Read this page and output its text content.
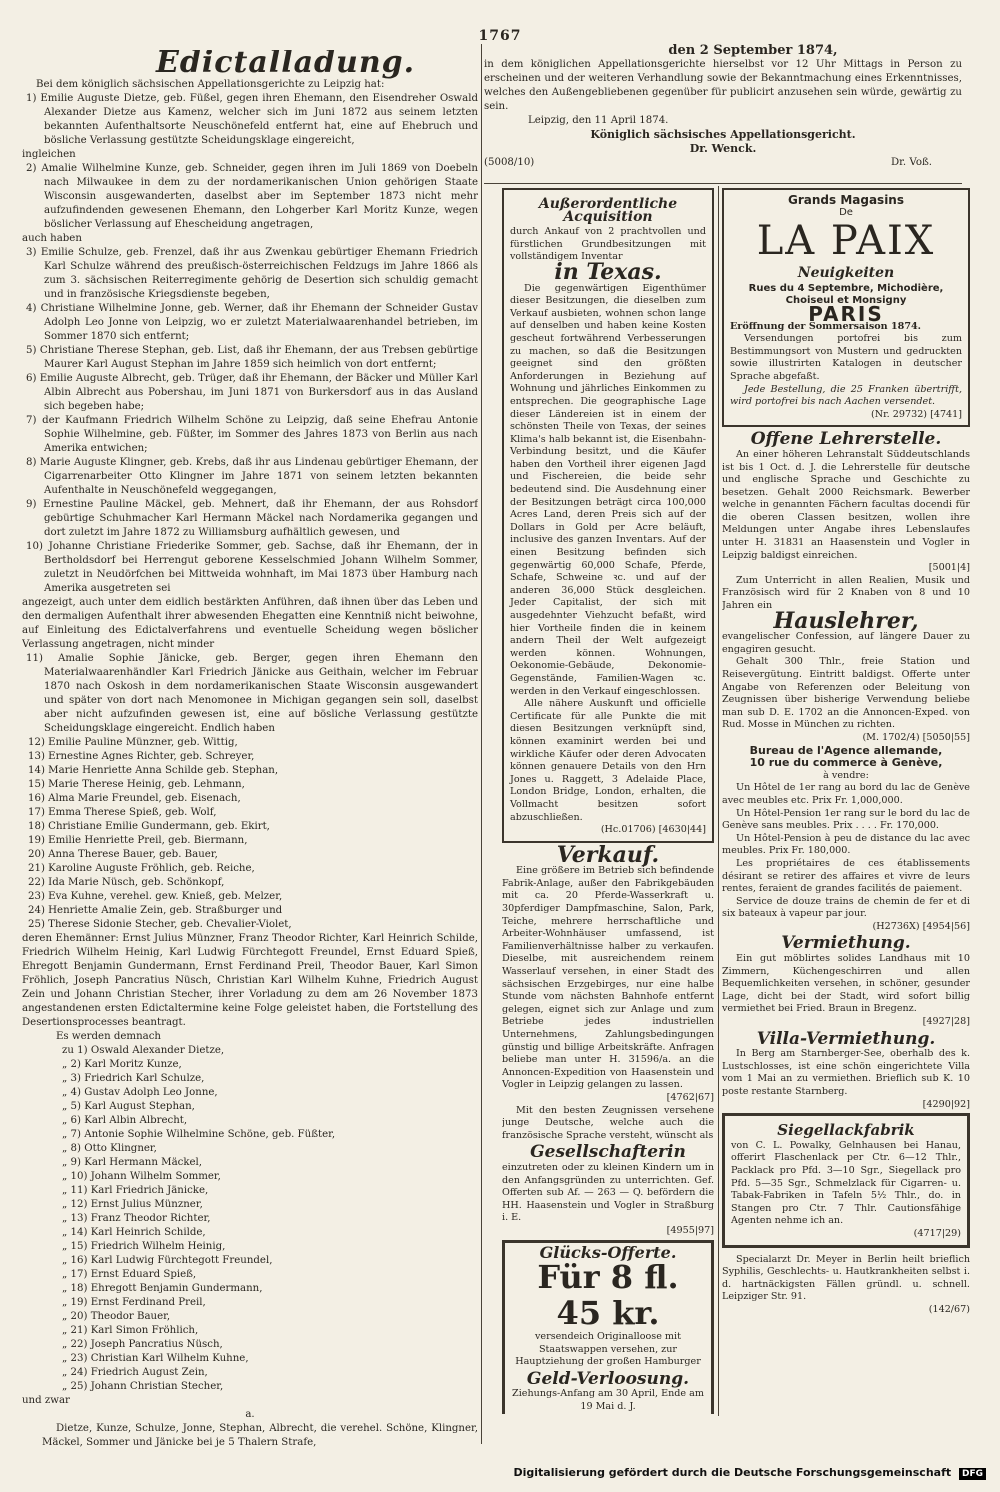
1767
Edictalladung.

Bei dem königlich sächsischen Appellationsgerichte zu Leipzig hat:

1) Emilie Auguste Dietze, geb. Füßel, gegen ihren Ehemann, den Eisendreher Oswald Alexander Dietze aus Kamenz, welcher sich im Juni 1872 aus seinem letzten bekannten Aufenthaltsorte Neuschönefeld entfernt hat, eine auf Ehebruch und bösliche Verlassung gestützte Scheidungsklage eingereicht,

ingleichen

2) Amalie Wilhelmine Kunze, geb. Schneider, gegen ihren im Juli 1869 von Doebeln nach Milwaukee in dem zu der nordamerikanischen Union gehörigen Staate Wisconsin ausgewanderten, daselbst aber im September 1873 nicht mehr aufzufindenden gewesenen Ehemann, den Lohgerber Karl Moritz Kunze, wegen böslicher Verlassung auf Ehescheidung angetragen,

auch haben

3) Emilie Schulze, geb. Frenzel, daß ihr aus Zwenkau gebürtiger Ehemann Friedrich Karl Schulze während des preußisch-österreichischen Feldzugs im Jahre 1866 als zum 3. sächsischen Reiterregimente gehörig de Desertion sich schuldig gemacht und in französische Kriegsdienste begeben,
4) Christiane Wilhelmine Jonne, geb. Werner, daß ihr Ehemann der Schneider Gustav Adolph Leo Jonne von Leipzig, wo er zuletzt Materialwaarenhandel betrieben, im Sommer 1870 sich entfernt;
5) Christiane Therese Stephan, geb. List, daß ihr Ehemann, der aus Trebsen gebürtige Maurer Karl August Stephan im Jahre 1859 sich heimlich von dort entfernt;
6) Emilie Auguste Albrecht, geb. Trüger, daß ihr Ehemann, der Bäcker und Müller Karl Albin Albrecht aus Pobershau, im Juni 1871 von Burkersdorf aus in das Ausland sich begeben habe;
7) der Kaufmann Friedrich Wilhelm Schöne zu Leipzig, daß seine Ehefrau Antonie Sophie Wilhelmine, geb. Füßter, im Sommer des Jahres 1873 von Berlin aus nach Amerika entwichen;
8) Marie Auguste Klingner, geb. Krebs, daß ihr aus Lindenau gebürtiger Ehemann, der Cigarrenarbeiter Otto Klingner im Jahre 1871 von seinem letzten bekannten Aufenthalte in Neuschönefeld weggegangen,
9) Ernestine Pauline Mäckel, geb. Mehnert, daß ihr Ehemann, der aus Rohsdorf gebürtige Schuhmacher Karl Hermann Mäckel nach Nordamerika gegangen und dort zuletzt im Jahre 1872 zu Williamsburg aufhältlich gewesen, und
10) Johanne Christiane Friederike Sommer, geb. Sachse, daß ihr Ehemann, der in Bertholdsdorf bei Herrengut geborene Kesselschmied Johann Wilhelm Sommer, zuletzt in Neudörfchen bei Mittweida wohnhaft, im Mai 1873 über Hamburg nach Amerika ausgetreten sei

angezeigt, auch unter dem eidlich bestärkten Anführen, daß ihnen über das Leben und den dermaligen Aufenthalt ihrer abwesenden Ehegatten eine Kenntniß nicht beiwohne, auf Einleitung des Edictalverfahrens und eventuelle Scheidung wegen böslicher Verlassung angetragen, nicht minder

11) Amalie Sophie Jänicke, geb. Berger, gegen ihren Ehemann den Materialwaarenhändler Karl Friedrich Jänicke aus Geithain, welcher im Februar 1870 nach Oskosh in dem nordamerikanischen Staate Wisconsin ausgewandert und später von dort nach Menomonee in Michigan gegangen sein soll, daselbst aber nicht aufzufinden gewesen ist, eine auf bösliche Verlassung gestützte Scheidungsklage eingereicht. Endlich haben
12) Emilie Pauline Münzner, geb. Wittig,
13) Ernestine Agnes Richter, geb. Schreyer,
14) Marie Henriette Anna Schilde geb. Stephan,
15) Marie Therese Heinig, geb. Lehmann,
16) Alma Marie Freundel, geb. Eisenach,
17) Emma Therese Spieß, geb. Wolf,
18) Christiane Emilie Gundermann, geb. Ekirt,
19) Emilie Henriette Preil, geb. Biermann,
20) Anna Therese Bauer, geb. Bauer,
21) Karoline Auguste Fröhlich, geb. Reiche,
22) Ida Marie Nüsch, geb. Schönkopf,
23) Eva Kuhne, verehel. gew. Knieß, geb. Melzer,
24) Henriette Amalie Zein, geb. Straßburger und
25) Therese Sidonie Stecher, geb. Chevalier-Violet,

deren Ehemänner: Ernst Julius Münzner, Franz Theodor Richter, Karl Heinrich Schilde, Friedrich Wilhelm Heinig, Karl Ludwig Fürchtegott Freundel, Ernst Eduard Spieß, Ehregott Benjamin Gundermann, Ernst Ferdinand Preil, Theodor Bauer, Karl Simon Fröhlich, Joseph Pancratius Nüsch, Christian Karl Wilhelm Kuhne, Friedrich August Zein und Johann Christian Stecher, ihrer Vorladung zu dem am 26 November 1873 angestandenen ersten Edictaltermine keine Folge geleistet haben, die Fortstellung des Desertionsprocesses beantragt.

Es werden demnach

zu 1) Oswald Alexander Dietze,
„ 2) Karl Moritz Kunze,
„ 3) Friedrich Karl Schulze,
„ 4) Gustav Adolph Leo Jonne,
„ 5) Karl August Stephan,
„ 6) Karl Albin Albrecht,
„ 7) Antonie Sophie Wilhelmine Schöne, geb. Füßter,
„ 8) Otto Klingner,
„ 9) Karl Hermann Mäckel,
„ 10) Johann Wilhelm Sommer,
„ 11) Karl Friedrich Jänicke,
„ 12) Ernst Julius Münzner,
„ 13) Franz Theodor Richter,
„ 14) Karl Heinrich Schilde,
„ 15) Friedrich Wilhelm Heinig,
„ 16) Karl Ludwig Fürchtegott Freundel,
„ 17) Ernst Eduard Spieß,
„ 18) Ehregott Benjamin Gundermann,
„ 19) Ernst Ferdinand Preil,
„ 20) Theodor Bauer,
„ 21) Karl Simon Fröhlich,
„ 22) Joseph Pancratius Nüsch,
„ 23) Christian Karl Wilhelm Kuhne,
„ 24) Friedrich August Zein,
„ 25) Johann Christian Stecher,

und zwar

a.

Dietze, Kunze, Schulze, Jonne, Stephan, Albrecht, die verehel. Schöne, Klingner, Mäckel, Sommer und Jänicke bei je 5 Thalern Strafe,

den 2 September 1874,

in dem königlichen Appellationsgerichte hierselbst vor 12 Uhr Mittags in Person zu erscheinen und der weiteren Verhandlung sowie der Bekanntmachung eines Erkenntnisses, welches den Außengebliebenen gegenüber für publicirt anzusehen sein würde, gewärtig zu sein.

Leipzig, den 11 April 1874.

Königlich sächsisches Appellationsgericht.

Dr. Wenck.

(5008/10)	Dr. Voß.
Außerordentliche Acquisition

durch Ankauf von 2 prachtvollen und fürstlichen Grundbesitzungen mit vollständigem Inventar

in Texas.

Die gegenwärtigen Eigenthümer dieser Besitzungen, die dieselben zum Verkauf ausbieten, wohnen schon lange auf denselben und haben keine Kosten gescheut fortwährend Verbesserungen zu machen, so daß die Besitzungen geeignet sind den größten Anforderungen in Beziehung auf Wohnung und jährliches Einkommen zu entsprechen. Die geographische Lage dieser Ländereien ist in einem der schönsten Theile von Texas, der seines Klima's halb bekannt ist, die Eisenbahn-Verbindung besitzt, und die Käufer haben den Vortheil ihrer eigenen Jagd und Fischereien, die beide sehr bedeutend sind. Die Ausdehnung einer der Besitzungen beträgt circa 100,000 Acres Land, deren Preis sich auf der Dollars in Gold per Acre beläuft, inclusive des ganzen Inventars. Auf der einen Besitzung befinden sich gegenwärtig 60,000 Schafe, Pferde, Schafe, Schweine ꝛc. und auf der anderen 36,000 Stück desgleichen. Jeder Capitalist, der sich mit ausgedehnter Viehzucht befaßt, wird hier Vortheile finden die in keinem andern Theil der Welt aufgezeigt werden können. Wohnungen, Oekonomie-Gebäude, Dekonomie-Gegenstände, Familien-Wagen ꝛc. werden in den Verkauf eingeschlossen.

Alle nähere Auskunft und officielle Certificate für alle Punkte die mit diesen Besitzungen verknüpft sind, können examinirt werden bei und wirkliche Käufer oder deren Advocaten können genauere Details von den Hrn Jones u. Raggett, 3 Adelaide Place, London Bridge, London, erhalten, die Vollmacht besitzen sofort abzuschließen.

(Hc.01706) [4630|44]

Verkauf.

Eine größere im Betrieb sich befindende Fabrik-Anlage, außer den Fabrikgebäuden mit ca. 20 Pferde-Wasserkraft u. 30pferdiger Dampfmaschine, Salon, Park, Teiche, mehrere herrschaftliche und Arbeiter-Wohnhäuser umfassend, ist Familienverhältnisse halber zu verkaufen. Dieselbe, mit ausreichendem reinem Wasserlauf versehen, in einer Stadt des sächsischen Erzgebirges, nur eine halbe Stunde vom nächsten Bahnhofe entfernt gelegen, eignet sich zur Anlage und zum Betriebe jedes industriellen Unternehmens, Zahlungsbedingungen günstig und billige Arbeitskräfte. Anfragen beliebe man unter H. 31596/a. an die Annoncen-Expedition von Haasenstein und Vogler in Leipzig gelangen zu lassen.

[4762|67]

Mit den besten Zeugnissen versehene junge Deutsche, welche auch die französische Sprache versteht, wünscht als

Gesellschafterin

einzutreten oder zu kleinen Kindern um in den Anfangsgründen zu unterrichten. Gef. Offerten sub Af. — 263 — Q. befördern die HH. Haasenstein und Vogler in Straßburg i. E.

[4955|97]

Glücks-Offerte.
Für 8 fl. 45 kr.

versendeich Originalloose mit Staatswappen versehen, zur Hauptziehung der großen Hamburger

Geld-Verloosung.

Ziehungs-Anfang am 30 April, Ende am 19 Mai d. J.

Grands Magasins
De
LA PAIX
Neuigkeiten

Rues du 4 Septembre, Michodière,

Choiseul et Monsigny

PARIS

Eröffnung der Sommersaison 1874.

Versendungen portofrei bis zum Bestimmungsort von Mustern und gedruckten sowie illustrirten Katalogen in deutscher Sprache abgefaßt.

Jede Bestellung, die 25 Franken übertrifft, wird portofrei bis nach Aachen versendet.

(Nr. 29732) [4741]

Offene Lehrerstelle.

An einer höheren Lehranstalt Süddeutschlands ist bis 1 Oct. d. J. die Lehrerstelle für deutsche und englische Sprache und Geschichte zu besetzen. Gehalt 2000 Reichsmark. Bewerber welche in genannten Fächern facultas docendi für die oberen Classen besitzen, wollen ihre Meldungen unter Angabe ihres Lebenslaufes unter H. 31831 an Haasenstein und Vogler in Leipzig baldigst einreichen.

[5001|4]

Zum Unterricht in allen Realien, Musik und Französisch wird für 2 Knaben von 8 und 10 Jahren ein

Hauslehrer,

evangelischer Confession, auf längere Dauer zu engagiren gesucht.

Gehalt 300 Thlr., freie Station und Reisevergütung. Eintritt baldigst. Offerte unter Angabe von Referenzen oder Beleitung von Zeugnissen über bisherige Verwendung beliebe man sub D. E. 1702 an die Annoncen-Exped. von Rud. Mosse in München zu richten.

(M. 1702/4) [5050|55]

Bureau de l'Agence allemande,

10 rue du commerce à Genève,

à vendre:

Un Hôtel de 1er rang au bord du lac de Genève avec meubles etc. Prix Fr. 1,000,000.

Un Hôtel-Pension 1er rang sur le bord du lac de Genève sans meubles. Prix . . . . Fr. 170,000.

Un Hôtel-Pension à peu de distance du lac avec meubles. Prix Fr. 180,000.

Les propriétaires de ces établissements désirant se retirer des affaires et vivre de leurs rentes, feraient de grandes facilités de paiement.

Service de douze trains de chemin de fer et di six bateaux à vapeur par jour.

(H2736X) [4954|56]

Vermiethung.

Ein gut möblirtes solides Landhaus mit 10 Zimmern, Küchengeschirren und allen Bequemlichkeiten versehen, in schöner, gesunder Lage, dicht bei der Stadt, wird sofort billig vermiethet bei Fried. Braun in Bregenz.

[4927|28]

Villa-Vermiethung.

In Berg am Starnberger-See, oberhalb des k. Lustschlosses, ist eine schön eingerichtete Villa vom 1 Mai an zu vermiethen. Brieflich sub K. 10 poste restante Starnberg.

[4290|92]

Siegellackfabrik

von C. L. Powalky, Gelnhausen bei Hanau, offerirt Flaschenlack per Ctr. 6—12 Thlr., Packlack pro Pfd. 3—10 Sgr., Siegellack pro Pfd. 5—35 Sgr., Schmelzlack für Cigarren- u. Tabak-Fabriken in Tafeln 5½ Thlr., do. in Stangen pro Ctr. 7 Thlr. Cautionsfähige Agenten nehme ich an.

(4717|29)

Specialarzt Dr. Meyer in Berlin heilt brieflich Syphilis, Geschlechts- u. Hautkrankheiten selbst i. d. hartnäckigsten Fällen gründl. u. schnell. Leipziger Str. 91.

(142/67)

Digitalisierung gefördert durch die Deutsche Forschungsgemeinschaft DFG
